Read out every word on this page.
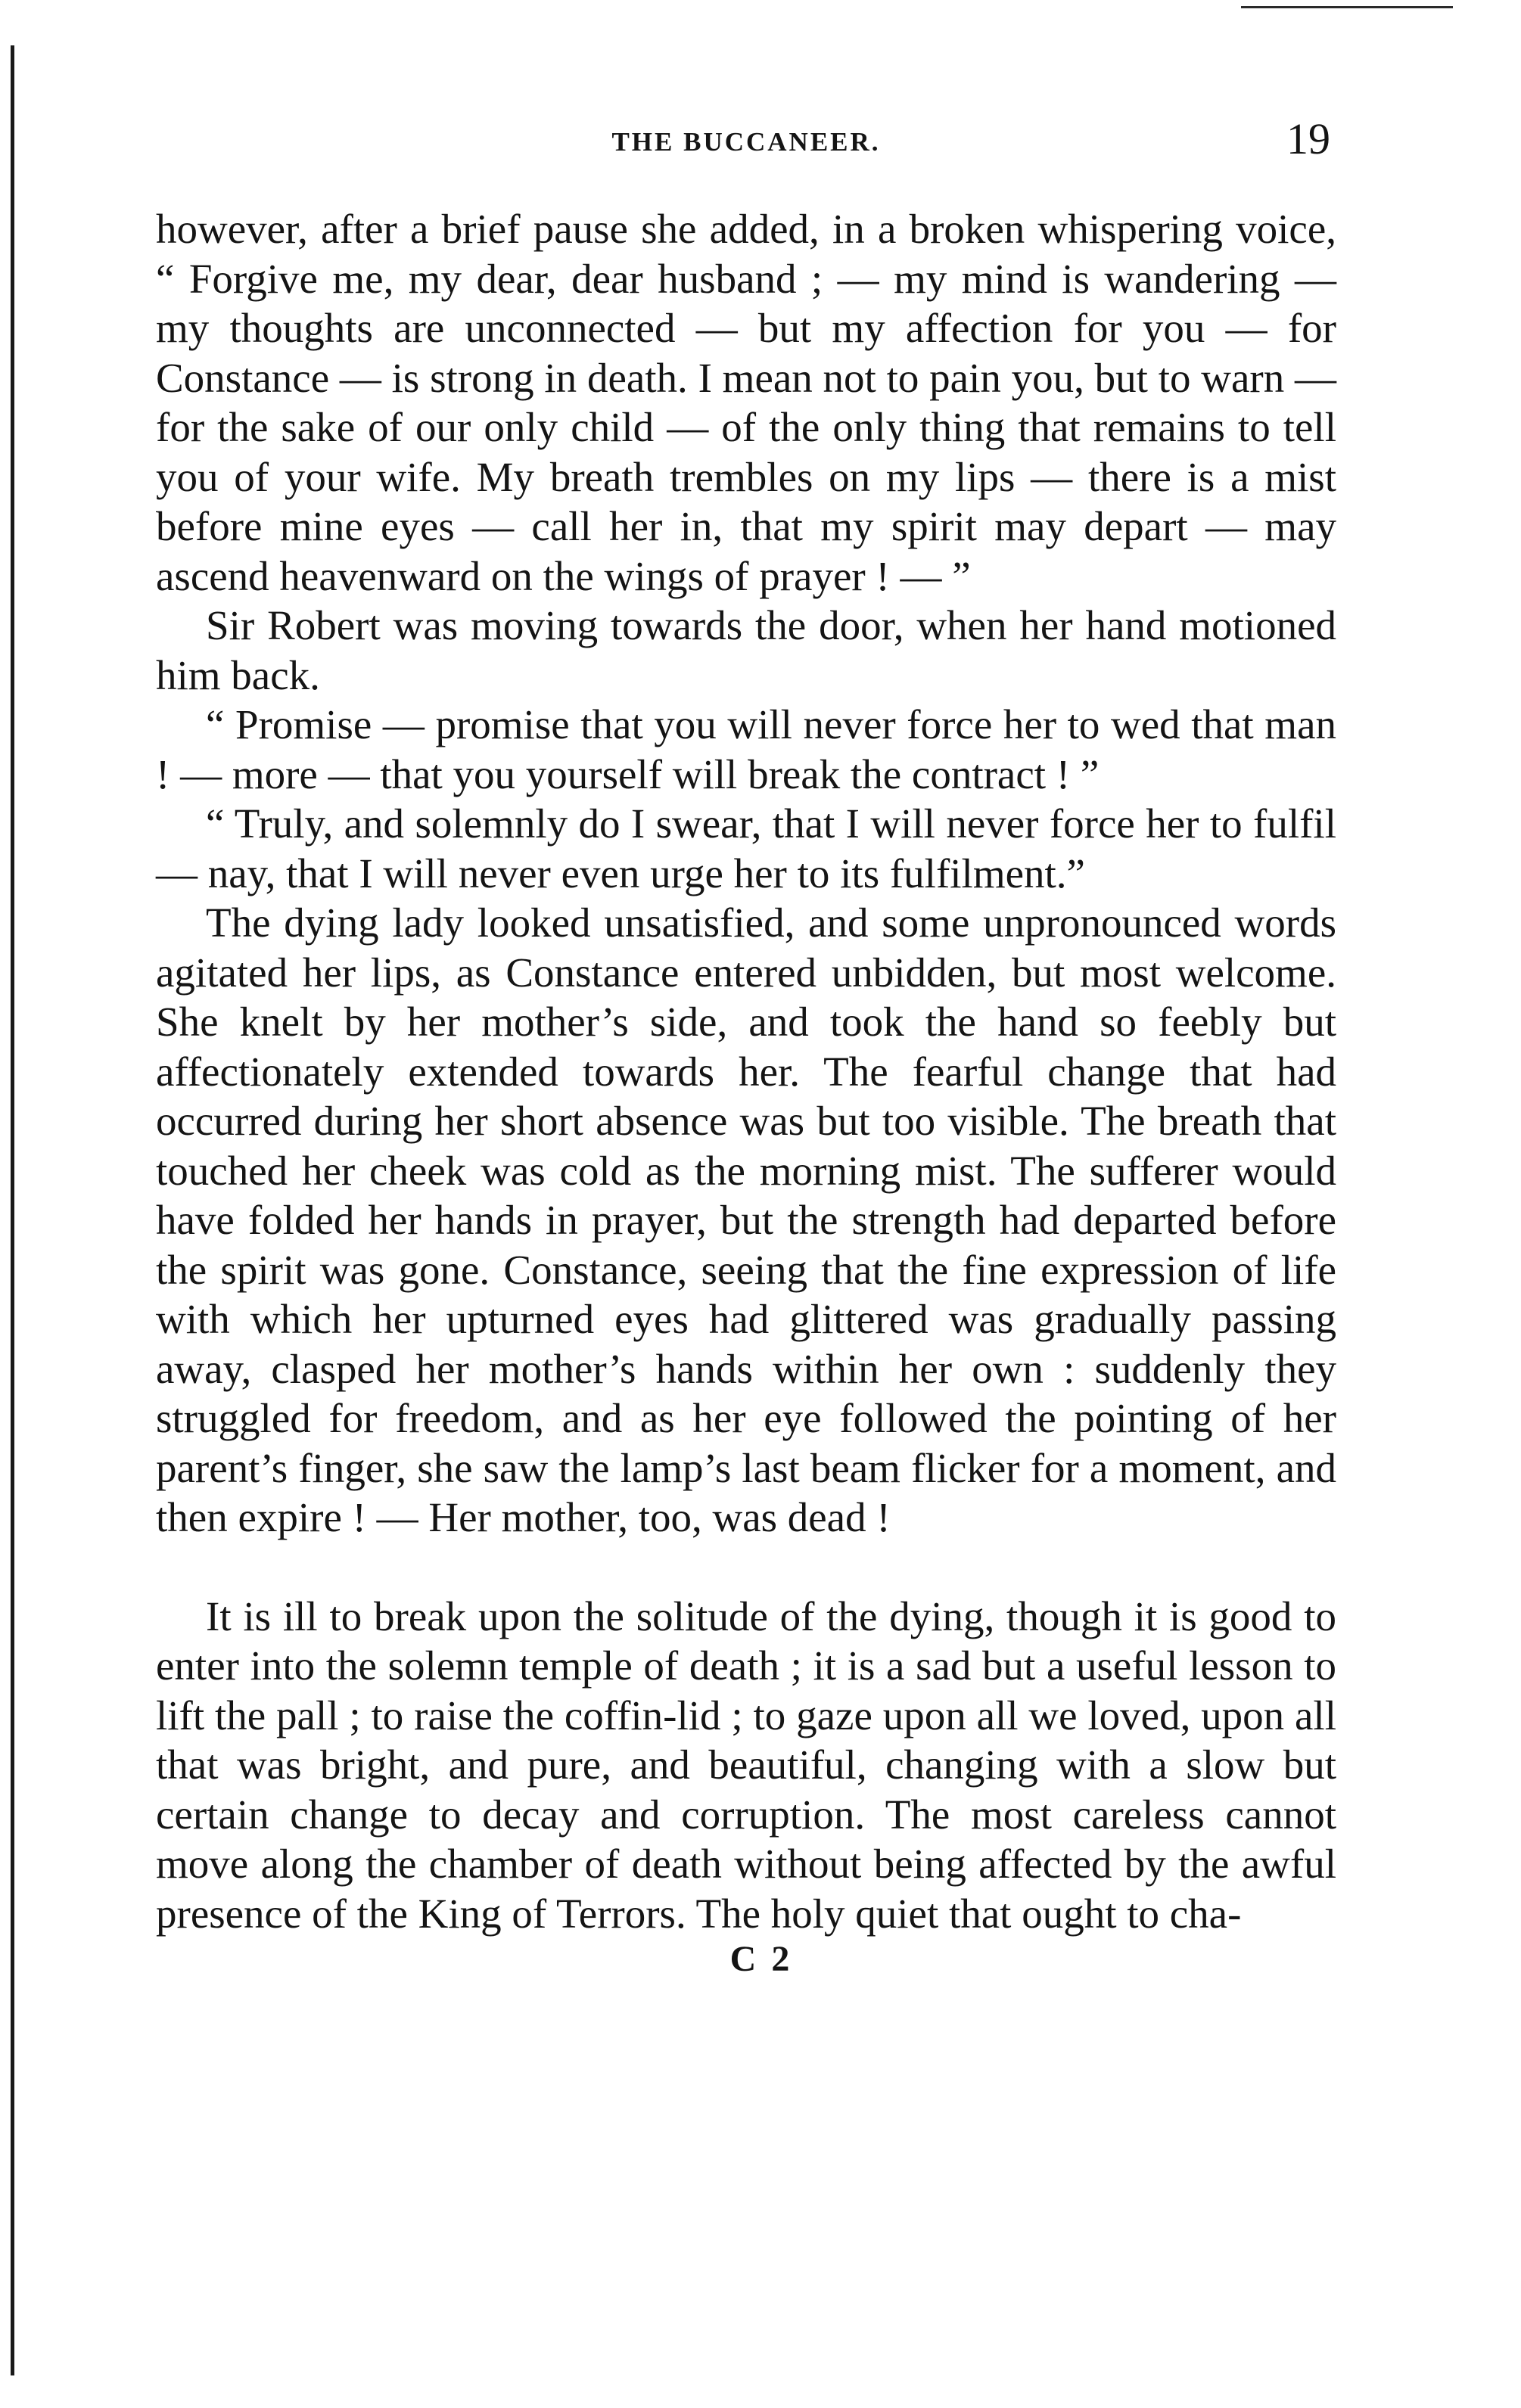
THE BUCCANEER.	19

however, after a brief pause she added, in a broken whispering voice, “ Forgive me, my dear, dear husband ; — my mind is wandering — my thoughts are unconnected — but my affection for you — for Constance — is strong in death. I mean not to pain you, but to warn — for the sake of our only child — of the only thing that remains to tell you of your wife. My breath trembles on my lips — there is a mist before mine eyes — call her in, that my spirit may depart — may ascend heavenward on the wings of prayer ! — ”

Sir Robert was moving towards the door, when her hand motioned him back.

“ Promise — promise that you will never force her to wed that man ! — more — that you yourself will break the contract ! ”

“ Truly, and solemnly do I swear, that I will never force her to fulfil — nay, that I will never even urge her to its fulfilment.”

The dying lady looked unsatisfied, and some unpronounced words agitated her lips, as Constance entered unbidden, but most welcome. She knelt by her mother’s side, and took the hand so feebly but affectionately extended towards her. The fearful change that had occurred during her short absence was but too visible. The breath that touched her cheek was cold as the morning mist. The sufferer would have folded her hands in prayer, but the strength had departed before the spirit was gone. Constance, seeing that the fine expression of life with which her upturned eyes had glittered was gradually passing away, clasped her mother’s hands within her own : suddenly they struggled for freedom, and as her eye followed the pointing of her parent’s finger, she saw the lamp’s last beam flicker for a moment, and then expire ! — Her mother, too, was dead !

It is ill to break upon the solitude of the dying, though it is good to enter into the solemn temple of death ; it is a sad but a useful lesson to lift the pall ; to raise the coffin-lid ; to gaze upon all we loved, upon all that was bright, and pure, and beautiful, changing with a slow but certain change to decay and corruption. The most careless cannot move along the chamber of death without being affected by the awful presence of the King of Terrors. The holy quiet that ought to cha-

C 2
